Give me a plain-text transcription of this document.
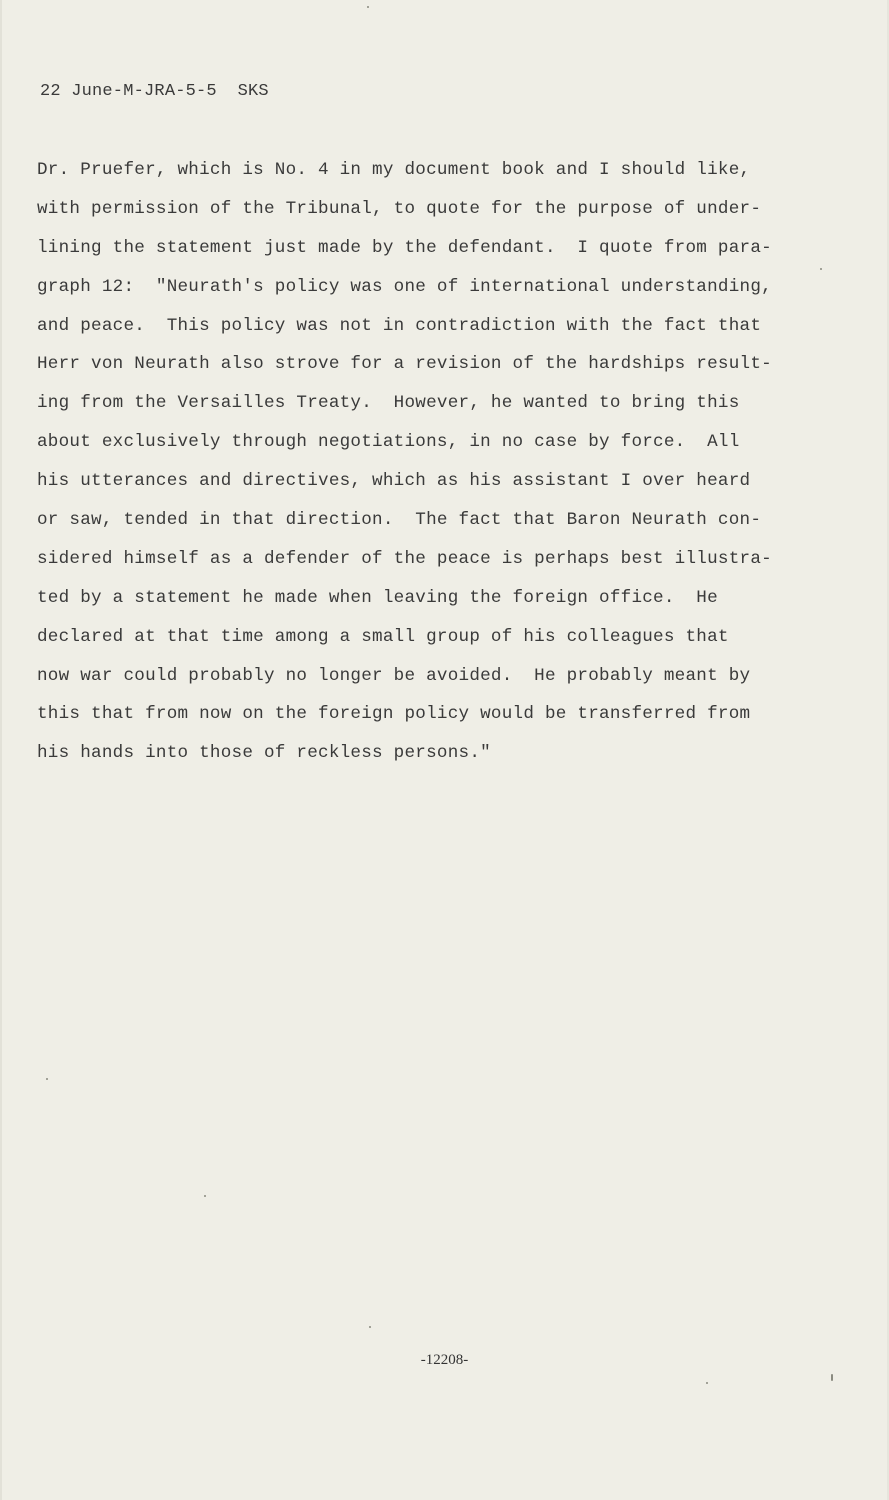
22 June-M-JRA-5-5  SKS
Dr. Pruefer, which is No. 4 in my document book and I should like,
with permission of the Tribunal, to quote for the purpose of under-
lining the statement just made by the defendant.  I quote from para-
graph 12:  "Neurath's policy was one of international understanding,
and peace.  This policy was not in contradiction with the fact that
Herr von Neurath also strove for a revision of the hardships result-
ing from the Versailles Treaty.  However, he wanted to bring this
about exclusively through negotiations, in no case by force.  All
his utterances and directives, which as his assistant I over heard
or saw, tended in that direction.  The fact that Baron Neurath con-
sidered himself as a defender of the peace is perhaps best illustra-
ted by a statement he made when leaving the foreign office.  He
declared at that time among a small group of his colleagues that
now war could probably no longer be avoided.  He probably meant by
this that from now on the foreign policy would be transferred from
his hands into those of reckless persons."
-12208-
